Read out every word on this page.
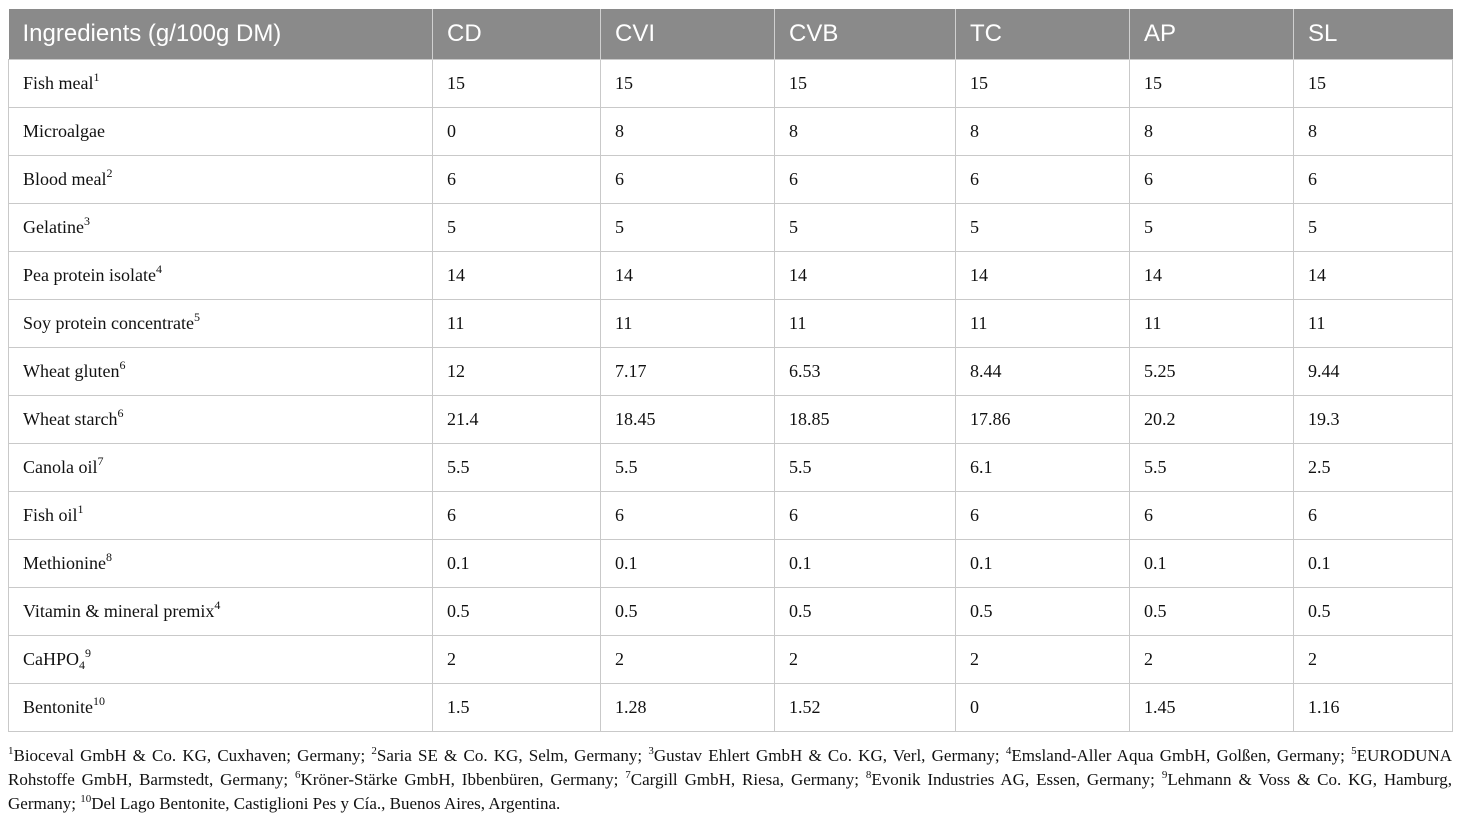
Ingredients (g/100g DM)	CD	CVI	CVB	TC	AP	SL
Fish meal$^1$	15	15	15	15	15	15
Microalgae	0	8	8	8	8	8
Blood meal$^2$	6	6	6	6	6	6
Gelatine$^3$	5	5	5	5	5	5
Pea protein isolate$^4$	14	14	14	14	14	14
Soy protein concentrate$^5$	11	11	11	11	11	11
Wheat gluten$^6$	12	7.17	6.53	8.44	5.25	9.44
Wheat starch$^6$	21.4	18.45	18.85	17.86	20.2	19.3
Canola oil$^7$	5.5	5.5	5.5	6.1	5.5	2.5
Fish oil$^1$	6	6	6	6	6	6
Methionine$^8$	0.1	0.1	0.1	0.1	0.1	0.1
Vitamin & mineral premix$^4$	0.5	0.5	0.5	0.5	0.5	0.5
CaHPO$_4^9$	2	2	2	2	2	2
Bentonite$^{10}$	1.5	1.28	1.52	0	1.45	1.16
$^1$Bioceval GmbH & Co. KG, Cuxhaven; Germany; $^2$Saria SE & Co. KG, Selm, Germany; $^3$Gustav Ehlert GmbH & Co. KG, Verl, Germany; $^4$Emsland-Aller Aqua GmbH, Golßen, Germany; $^5$EURODUNA Rohstoffe GmbH, Barmstedt, Germany; $^6$Kröner-Stärke GmbH, Ibbenbüren, Germany; $^7$Cargill GmbH, Riesa, Germany; $^8$Evonik Industries AG, Essen, Germany; $^9$Lehmann & Voss & Co. KG, Hamburg, Germany; $^{10}$Del Lago Bentonite, Castiglioni Pes y Cía., Buenos Aires, Argentina.
